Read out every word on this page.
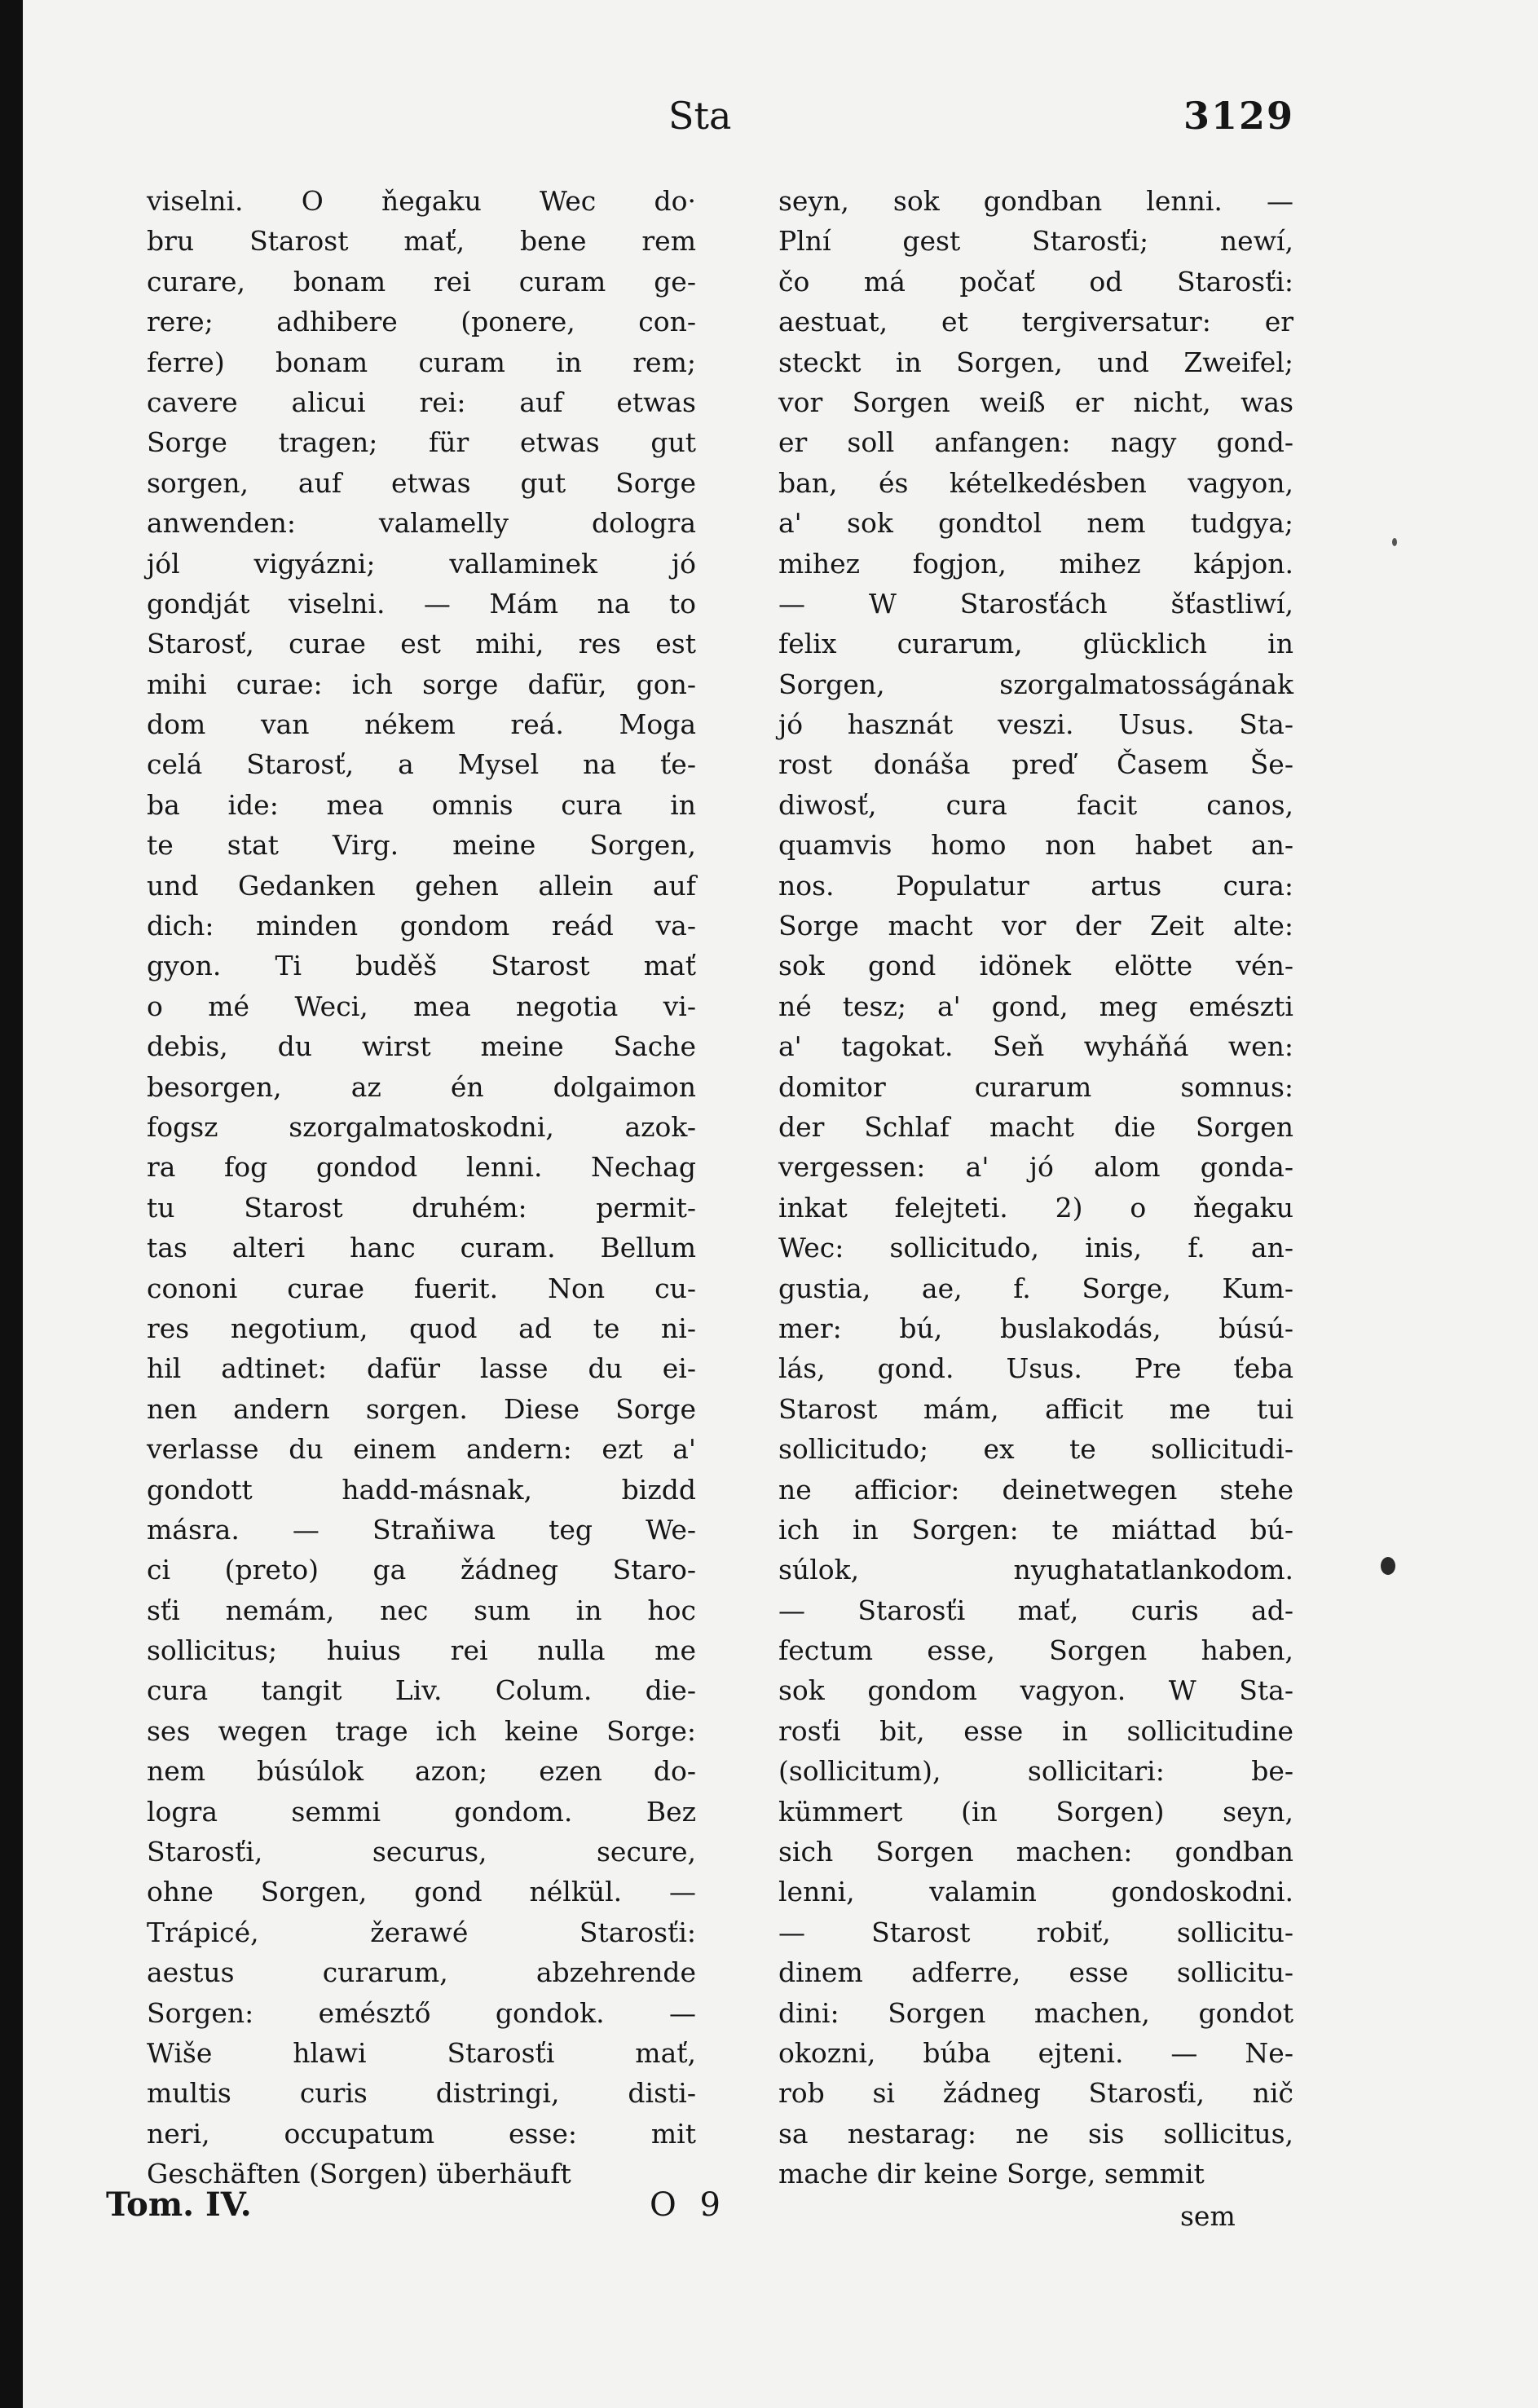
Sta	3129
viselni. O ňegaku Wec do·
bru Starost mať, bene rem
curare, bonam rei curam ge-
rere; adhibere (ponere, con-
ferre) bonam curam in rem;
cavere alicui rei: auf etwas
Sorge tragen; für etwas gut
sorgen, auf etwas gut Sorge
anwenden: valamelly dologra
jól vigyázni; vallaminek jó
gondját viselni. — Mám na to
Starosť, curae est mihi, res est
mihi curae: ich sorge dafür, gon-
dom van nékem reá. Moga
celá Starosť, a Mysel na ťe-
ba ide: mea omnis cura in
te stat Virg. meine Sorgen,
und Gedanken gehen allein auf
dich: minden gondom reád va-
gyon. Ti buděš Starost mať
o mé Weci, mea negotia vi-
debis, du wirst meine Sache
besorgen, az én dolgaimon
fogsz szorgalmatoskodni, azok-
ra fog gondod lenni. Nechag
tu Starost druhém: permit-
tas alteri hanc curam. Bellum
cononi curae fuerit. Non cu-
res negotium, quod ad te ni-
hil adtinet: dafür lasse du ei-
nen andern sorgen. Diese Sorge
verlasse du einem andern: ezt a'
gondott hadd-másnak, bizdd
másra. — Straňiwa teg We-
ci (preto) ga žádneg Staro-
sťi nemám, nec sum in hoc
sollicitus; huius rei nulla me
cura tangit Liv. Colum. die-
ses wegen trage ich keine Sorge:
nem búsúlok azon; ezen do-
logra semmi gondom. Bez
Starosťi, securus, secure,
ohne Sorgen, gond nélkül. —
Trápicé, žerawé Starosťi:
aestus curarum, abzehrende
Sorgen: emésztő gondok. —
Wiše hlawi Starosťi mať,
multis curis distringi, disti-
neri, occupatum esse: mit
Geschäften (Sorgen) überhäuft
seyn, sok gondban lenni. —
Plní gest Starosťi; newí,
čo má počať od Starosťi:
aestuat, et tergiversatur: er
steckt in Sorgen, und Zweifel;
vor Sorgen weiß er nicht, was
er soll anfangen: nagy gond-
ban, és kételkedésben vagyon,
a' sok gondtol nem tudgya;
mihez fogjon, mihez kápjon.
— W Starosťách šťastliwí,
felix curarum, glücklich in
Sorgen, szorgalmatosságának
jó hasznát veszi. Usus. Sta-
rost donáša preď Časem Še-
diwosť, cura facit canos,
quamvis homo non habet an-
nos. Populatur artus cura:
Sorge macht vor der Zeit alte:
sok gond idönek elötte vén-
né tesz; a' gond, meg emészti
a' tagokat. Seň wyháňá wen:
domitor curarum somnus:
der Schlaf macht die Sorgen
vergessen: a' jó alom gonda-
inkat felejteti. 2) o ňegaku
Wec: sollicitudo, inis, f. an-
gustia, ae, f. Sorge, Kum-
mer: bú, buslakodás, búsú-
lás, gond. Usus. Pre ťeba
Starost mám, afficit me tui
sollicitudo; ex te sollicitudi-
ne afficior: deinetwegen stehe
ich in Sorgen: te miáttad bú-
súlok, nyughatatlankodom.
— Starosťi mať, curis ad-
fectum esse, Sorgen haben,
sok gondom vagyon. W Sta-
rosťi bit, esse in sollicitudine
(sollicitum), sollicitari: be-
kümmert (in Sorgen) seyn,
sich Sorgen machen: gondban
lenni, valamin gondoskodni.
— Starost robiť, sollicitu-
dinem adferre, esse sollicitu-
dini: Sorgen machen, gondot
okozni, búba ejteni. — Ne-
rob si žádneg Starosťi, nič
sa nestarag: ne sis sollicitus,
mache dir keine Sorge, semmit
Tom. IV.	O 9	sem
